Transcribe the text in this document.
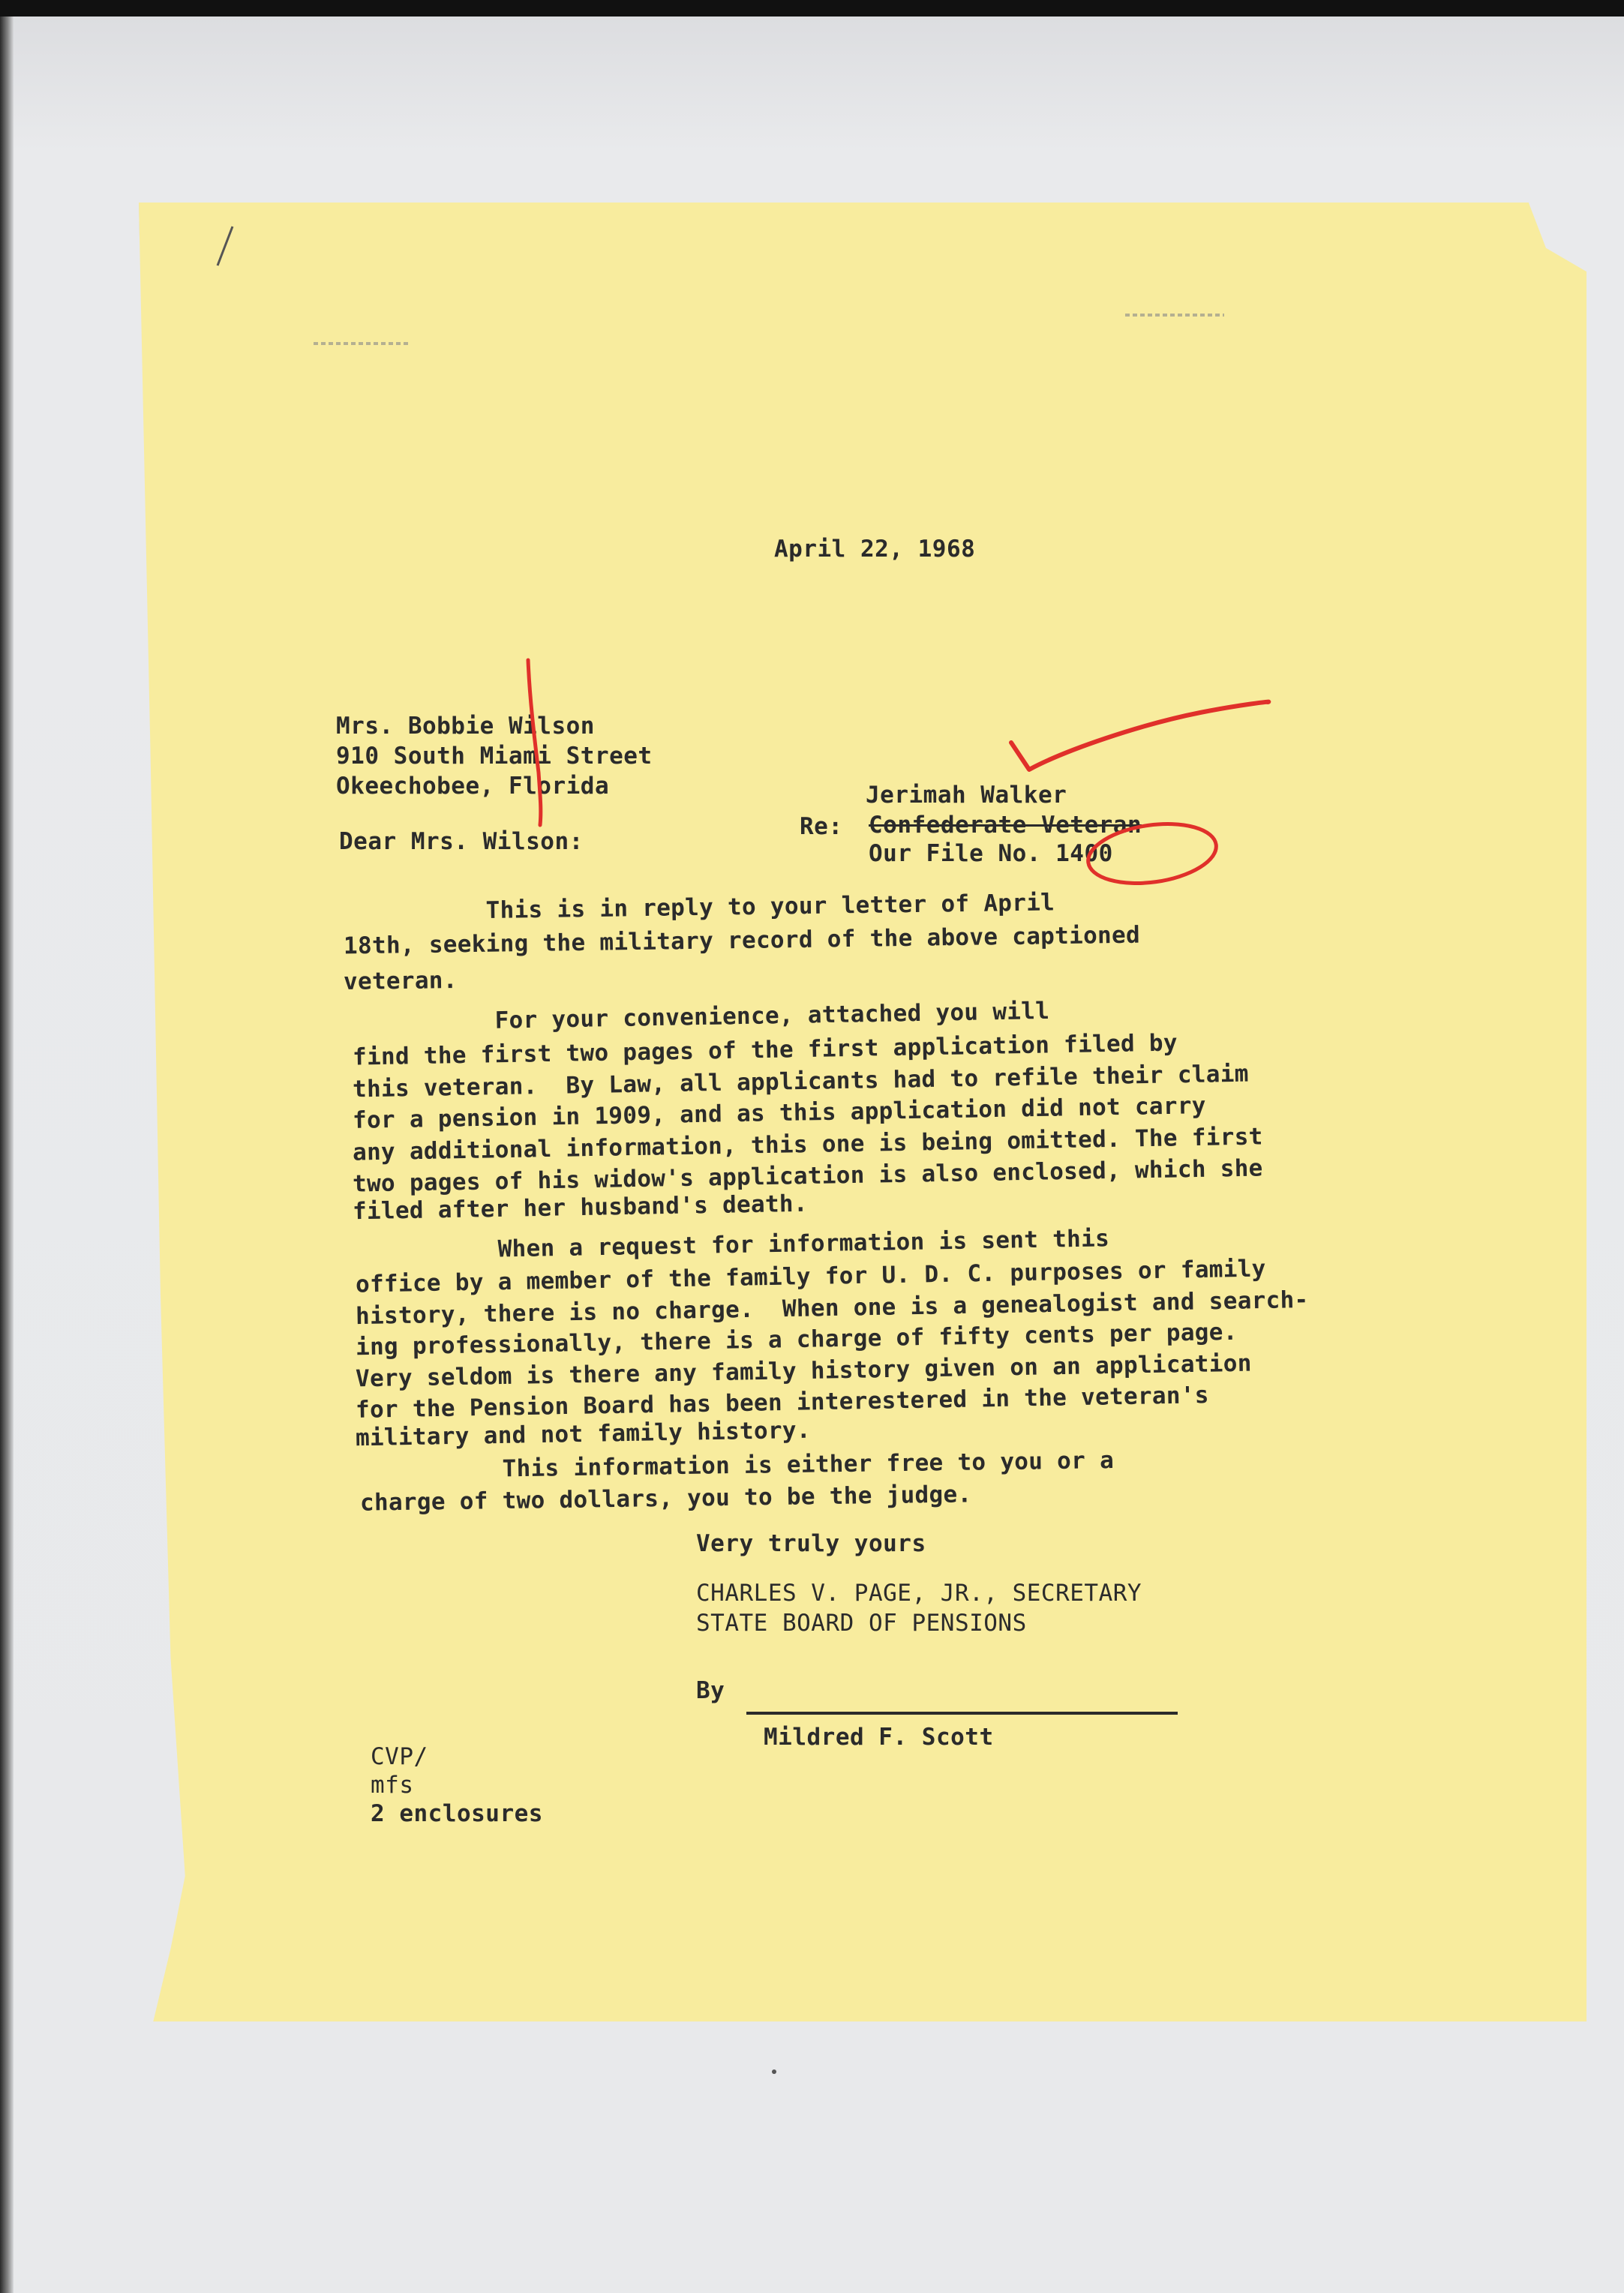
April 22, 1968
Mrs. Bobbie Wilson
910 South Miami Street
Okeechobee, Florida	Jerimah Walker
Re: Confederate Veteran
Our File No. 1400
Dear Mrs. Wilson:
This is in reply to your letter of April
18th, seeking the military record of the above captioned
veteran.
For your convenience, attached you will
find the first two pages of the first application filed by
this veteran.  By Law, all applicants had to refile their claim
for a pension in 1909, and as this application did not carry
any additional information, this one is being omitted. The first
two pages of his widow's application is also enclosed, which she
filed after her husband's death.
When a request for information is sent this
office by a member of the family for U. D. C. purposes or family
history, there is no charge.  When one is a genealogist and search-
ing professionally, there is a charge of fifty cents per page.
Very seldom is there any family history given on an application
for the Pension Board has been interestered in the veteran's
military and not family history.
This information is either free to you or a
charge of two dollars, you to be the judge.
Very truly yours
CHARLES V. PAGE, JR., SECRETARY
STATE BOARD OF PENSIONS
By
Mildred F. Scott
CVP/
mfs
2 enclosures
